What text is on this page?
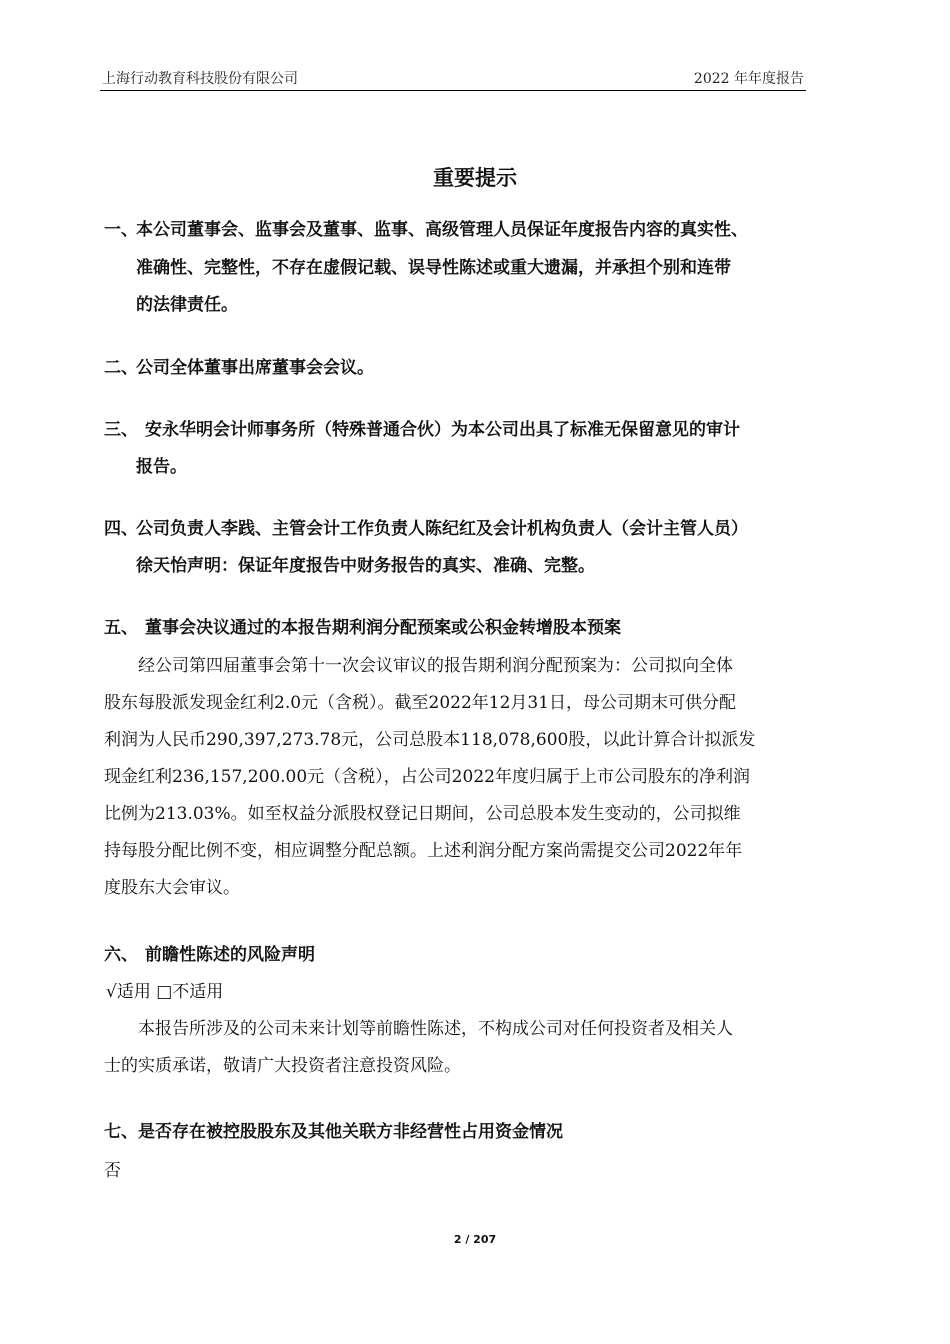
上海行动教育科技股份有限公司	2022 年年度报告
重要提示
一、
本公司董事会、监事会及董事、监事、高级管理人员保证年度报告内容的真实性、
准确性、完整性，不存在虚假记载、误导性陈述或重大遗漏，并承担个别和连带
的法律责任。
二、
公司全体董事出席董事会会议。
三、 安永华明会计师事务所（特殊普通合伙）为本公司出具了标准无保留意见的审计
报告。
四、
公司负责人李践、主管会计工作负责人陈纪红及会计机构负责人（会计主管人员）
徐天怡声明：保证年度报告中财务报告的真实、准确、完整。
五、 董事会决议通过的本报告期利润分配预案或公积金转增股本预案
经公司第四届董事会第十一次会议审议的报告期利润分配预案为：公司拟向全体
股东每股派发现金红利2.0元（含税）。截至2022年12月31日，母公司期末可供分配
利润为人民币290,397,273.78元，公司总股本118,078,600股，以此计算合计拟派发
现金红利236,157,200.00元（含税），占公司2022年度归属于上市公司股东的净利润
比例为213.03%。如至权益分派股权登记日期间，公司总股本发生变动的，公司拟维
持每股分配比例不变，相应调整分配总额。上述利润分配方案尚需提交公司2022年年
度股东大会审议。
六、 前瞻性陈述的风险声明
√适用 □不适用
本报告所涉及的公司未来计划等前瞻性陈述，不构成公司对任何投资者及相关人
士的实质承诺，敬请广大投资者注意投资风险。
七、是否存在被控股股东及其他关联方非经营性占用资金情况
否
2 / 207
